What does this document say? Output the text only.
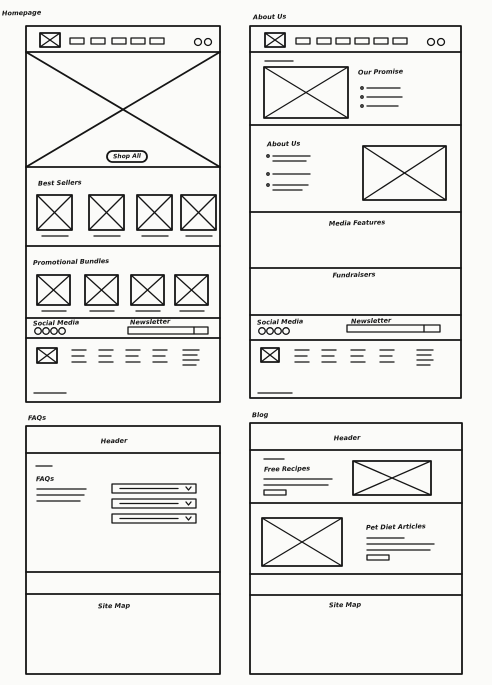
Homepage
Shop All
Best Sellers
Promotional Bundles
Social Media	Newsletter
About Us
Our Promise
About Us
Media Features
Fundraisers
Social Media	Newsletter
FAQs
Header
FAQs
Site Map
Blog
Header
Free Recipes
Pet Diet Articles
Site Map
